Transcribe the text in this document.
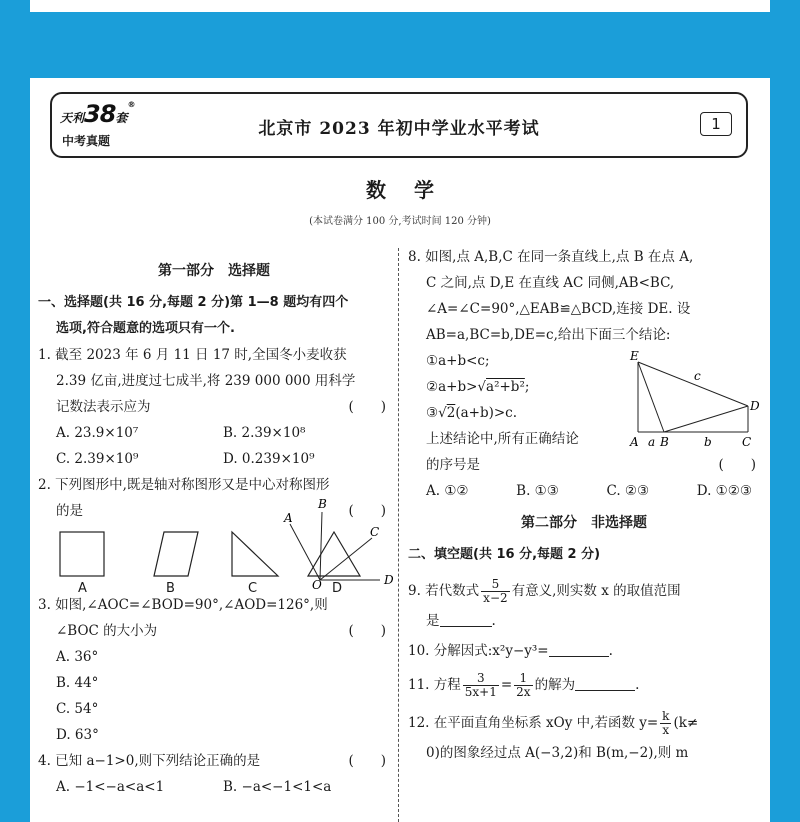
天利38套®
中考真题
北京市 2023 年初中学业水平考试	1
数学
(本试卷满分 100 分,考试时间 120 分钟)
第一部分　选择题
一、选择题(共 16 分,每题 2 分)第 1—8 题均有四个
选项,符合题意的选项只有一个.
1. 截至 2023 年 6 月 11 日 17 时,全国冬小麦收获
2.39 亿亩,进度过七成半,将 239 000 000 用科学
记数法表示应为	(　　)
A. 23.9×10⁷	B. 2.39×10⁸
C. 2.39×10⁹	D. 0.239×10⁹
2. 下列图形中,既是轴对称图形又是中心对称图形
的是	(　　)
A	B	C	D
3. 如图,∠AOC=∠BOD=90°,∠AOD=126°,则
∠BOC 的大小为	(　　)
A. 36°
B. 44°
C. 54°
D. 63°
4. 已知 a−1>0,则下列结论正确的是	(　　)
A. −1<−a<a<1	B. −a<−1<1<a
A
B
C
O	D
8. 如图,点 A,B,C 在同一条直线上,点 B 在点 A,
C 之间,点 D,E 在直线 AC 同侧,AB<BC,
∠A=∠C=90°,△EAB≌△BCD,连接 DE. 设
AB=a,BC=b,DE=c,给出下面三个结论:
①a+b<c;
②a+b>√a²+b²;
③√2(a+b)>c.
上述结论中,所有正确结论
的序号是	(　　)
A. ①②	B. ①③	C. ②③	D. ①②③
第二部分　非选择题
二、填空题(共 16 分,每题 2 分)
9. 若代数式 $\frac{5}{x-2}$ 有意义,则实数 x 的取值范围
是	.
10. 分解因式:x²y−y³=	.
11. 方程 $\frac{3}{5x+1} = \frac{1}{2x}$ 的解为	.
12. 在平面直角坐标系 xOy 中,若函数 $y= \frac{k}{x} (k\ne$
0)的图象经过点 A(−3,2)和 B(m,−2),则 m
E
c
D
A a B	b	C
